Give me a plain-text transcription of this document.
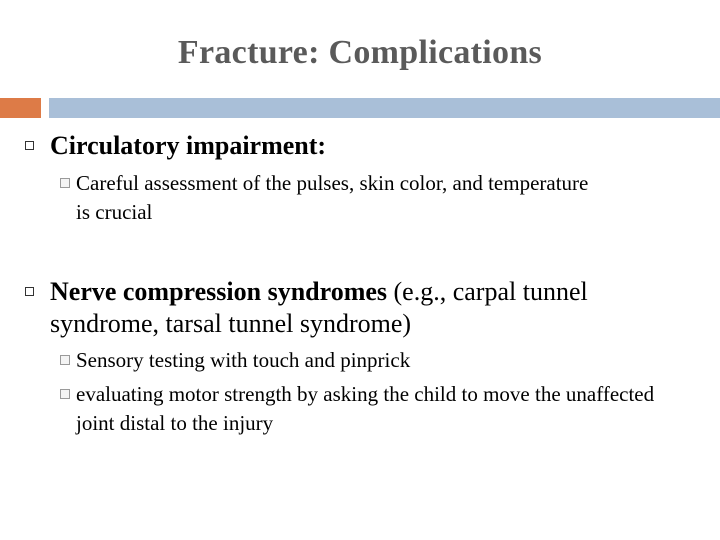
Fracture: Complications
Circulatory impairment:
Careful assessment of the pulses, skin color, and temperature is crucial
Nerve compression syndromes (e.g., carpal tunnel syndrome, tarsal tunnel syndrome)
Sensory testing with touch and pinprick
evaluating motor strength by asking the child to move the unaffected joint distal to the injury
